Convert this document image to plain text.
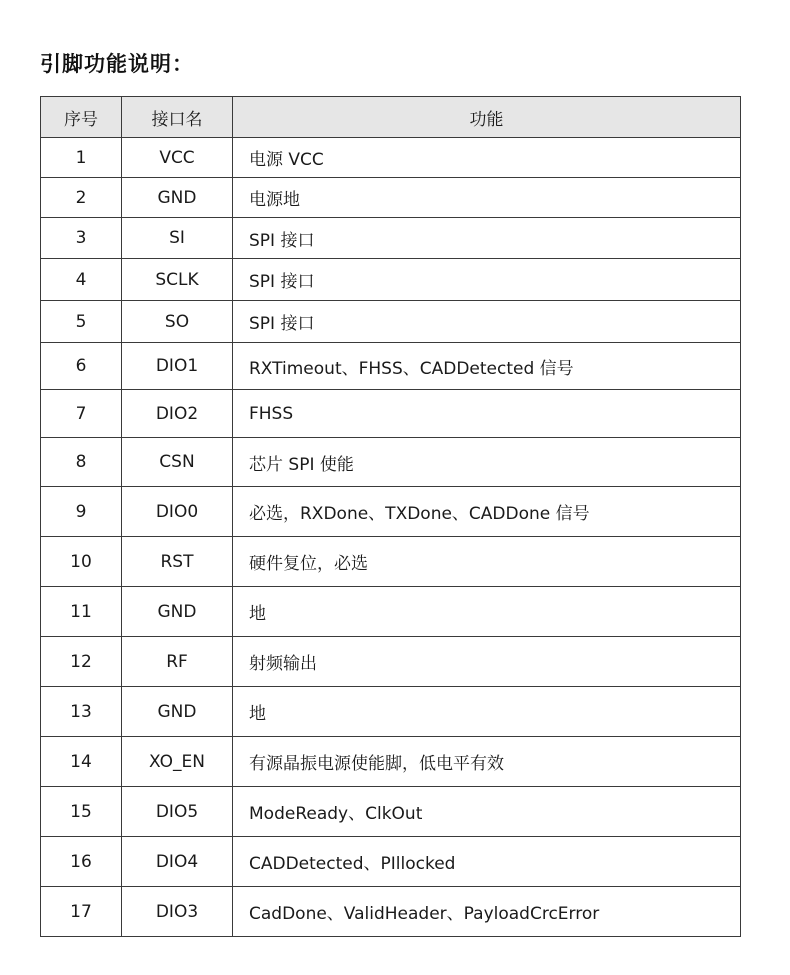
引脚功能说明：
序号	接口名	功能
1	VCC	电源 VCC
2	GND	电源地
3	SI	SPI 接口
4	SCLK	SPI 接口
5	SO	SPI 接口
6	DIO1	RXTimeout、FHSS、CADDetected 信号
7	DIO2	FHSS
8	CSN	芯片 SPI 使能
9	DIO0	必选，RXDone、TXDone、CADDone 信号
10	RST	硬件复位，必选
11	GND	地
12	RF	射频输出
13	GND	地
14	XO_EN	有源晶振电源使能脚，低电平有效
15	DIO5	ModeReady、ClkOut
16	DIO4	CADDetected、PIllocked
17	DIO3	CadDone、ValidHeader、PayloadCrcError
